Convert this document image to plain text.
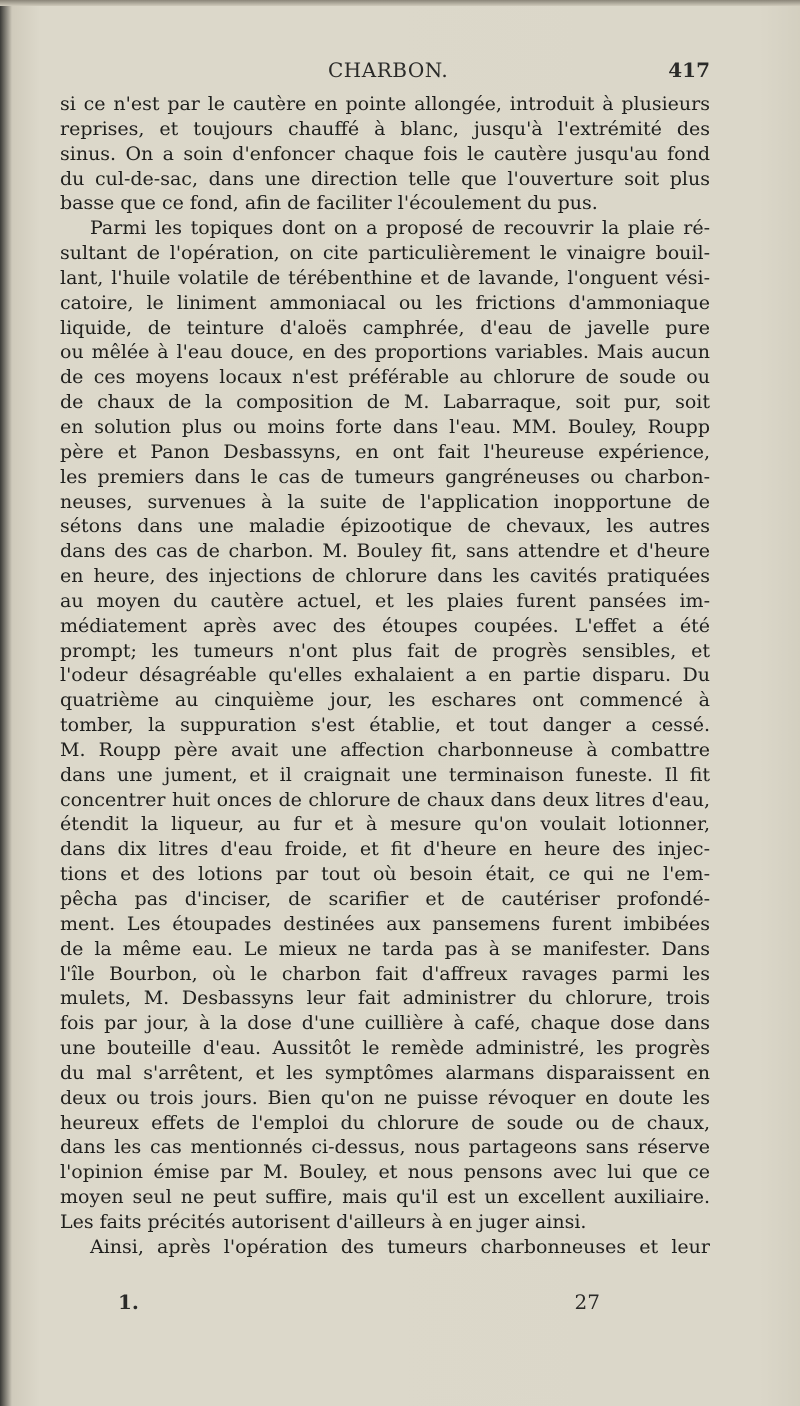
CHARBON.	417
si ce n'est par le cautère en pointe allongée, introduit à plusieurs
reprises, et toujours chauffé à blanc, jusqu'à l'extrémité des
sinus. On a soin d'enfoncer chaque fois le cautère jusqu'au fond
du cul-de-sac, dans une direction telle que l'ouverture soit plus
basse que ce fond, afin de faciliter l'écoulement du pus.
Parmi les topiques dont on a proposé de recouvrir la plaie ré-
sultant de l'opération, on cite particulièrement le vinaigre bouil-
lant, l'huile volatile de térébenthine et de lavande, l'onguent vési-
catoire, le liniment ammoniacal ou les frictions d'ammoniaque
liquide, de teinture d'aloës camphrée, d'eau de javelle pure
ou mêlée à l'eau douce, en des proportions variables. Mais aucun
de ces moyens locaux n'est préférable au chlorure de soude ou
de chaux de la composition de M. Labarraque, soit pur, soit
en solution plus ou moins forte dans l'eau. MM. Bouley, Roupp
père et Panon Desbassyns, en ont fait l'heureuse expérience,
les premiers dans le cas de tumeurs gangréneuses ou charbon-
neuses, survenues à la suite de l'application inopportune de
sétons dans une maladie épizootique de chevaux, les autres
dans des cas de charbon. M. Bouley fit, sans attendre et d'heure
en heure, des injections de chlorure dans les cavités pratiquées
au moyen du cautère actuel, et les plaies furent pansées im-
médiatement après avec des étoupes coupées. L'effet a été
prompt; les tumeurs n'ont plus fait de progrès sensibles, et
l'odeur désagréable qu'elles exhalaient a en partie disparu. Du
quatrième au cinquième jour, les eschares ont commencé à
tomber, la suppuration s'est établie, et tout danger a cessé.
M. Roupp père avait une affection charbonneuse à combattre
dans une jument, et il craignait une terminaison funeste. Il fit
concentrer huit onces de chlorure de chaux dans deux litres d'eau,
étendit la liqueur, au fur et à mesure qu'on voulait lotionner,
dans dix litres d'eau froide, et fit d'heure en heure des injec-
tions et des lotions par tout où besoin était, ce qui ne l'em-
pêcha pas d'inciser, de scarifier et de cautériser profondé-
ment. Les étoupades destinées aux pansemens furent imbibées
de la même eau. Le mieux ne tarda pas à se manifester. Dans
l'île Bourbon, où le charbon fait d'affreux ravages parmi les
mulets, M. Desbassyns leur fait administrer du chlorure, trois
fois par jour, à la dose d'une cuillière à café, chaque dose dans
une bouteille d'eau. Aussitôt le remède administré, les progrès
du mal s'arrêtent, et les symptômes alarmans disparaissent en
deux ou trois jours. Bien qu'on ne puisse révoquer en doute les
heureux effets de l'emploi du chlorure de soude ou de chaux,
dans les cas mentionnés ci-dessus, nous partageons sans réserve
l'opinion émise par M. Bouley, et nous pensons avec lui que ce
moyen seul ne peut suffire, mais qu'il est un excellent auxiliaire.
Les faits précités autorisent d'ailleurs à en juger ainsi.
Ainsi, après l'opération des tumeurs charbonneuses et leur
1.	27
